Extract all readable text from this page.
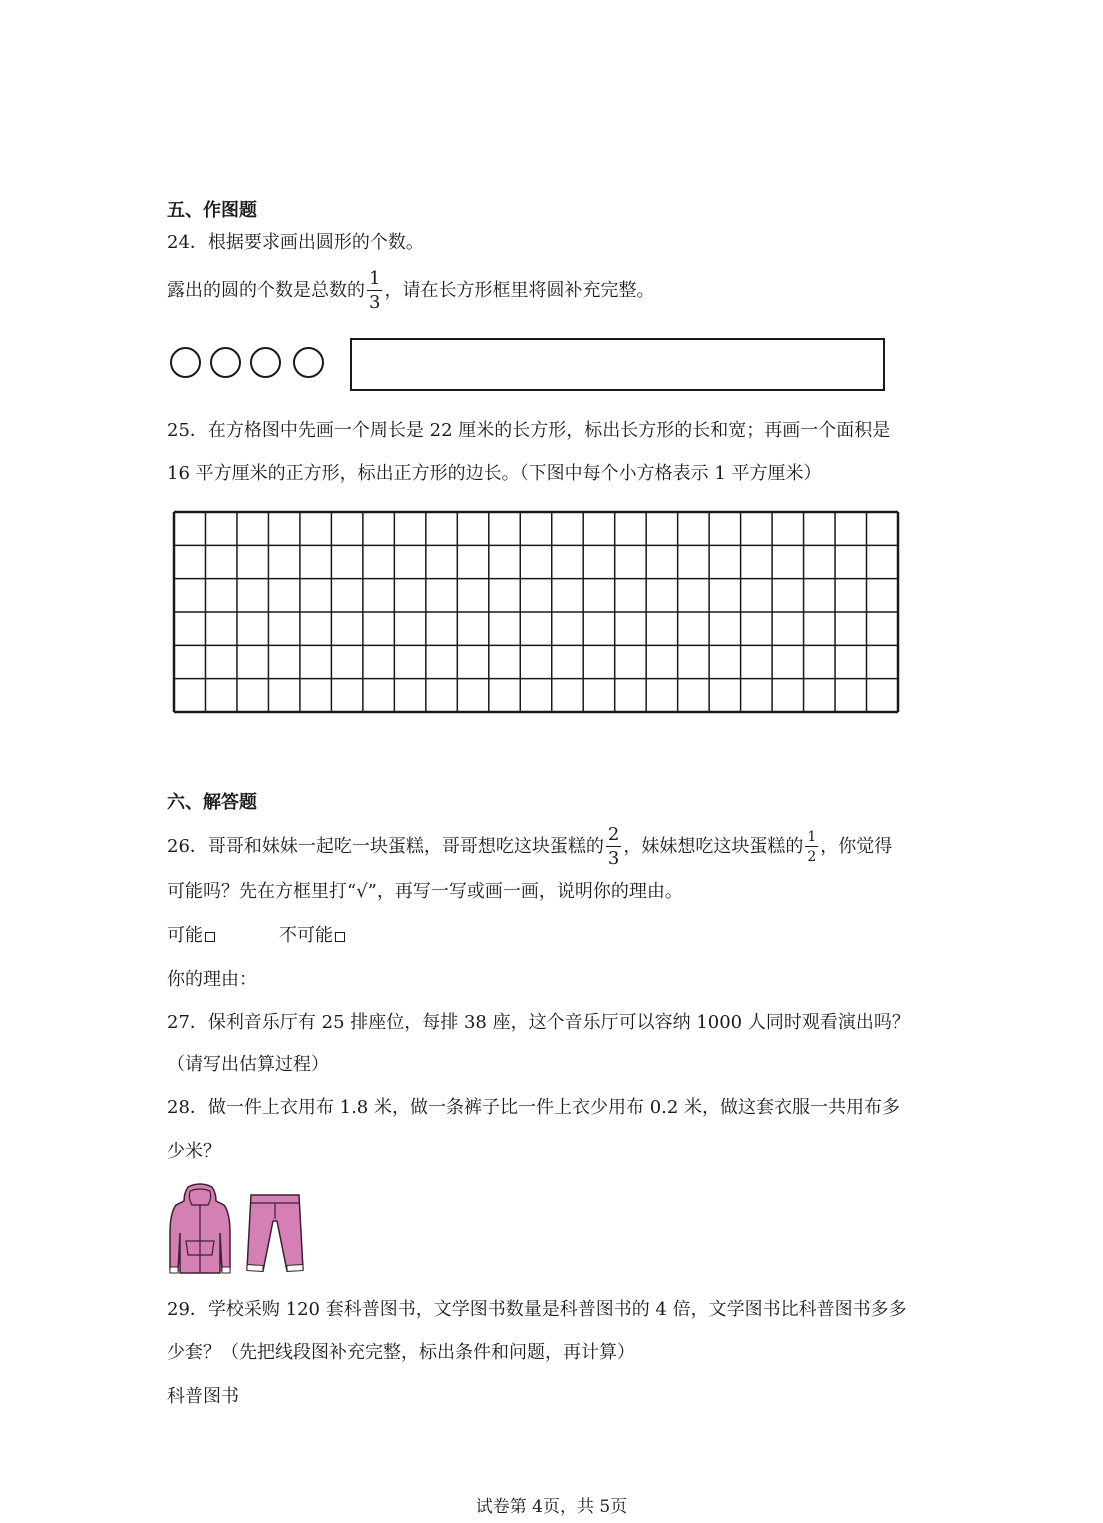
五、作图题
24．根据要求画出圆形的个数。
露出的圆的个数是总数的 $\frac{1}{3}$ ，请在长方形框里将圆补充完整。
25．在方格图中先画一个周长是 22 厘米的长方形，标出长方形的长和宽；再画一个面积是
16 平方厘米的正方形，标出正方形的边长。（下图中每个小方格表示 1 平方厘米）
六、解答题
26．哥哥和妹妹一起吃一块蛋糕，哥哥想吃这块蛋糕的 $\frac{2}{3}$ ，妹妹想吃这块蛋糕的 $\frac{1}{2}$ ，你觉得
可能吗？先在方框里打“√”，再写一写或画一画，说明你的理由。
可能	不可能
你的理由：
27．保利音乐厅有 25 排座位，每排 38 座，这个音乐厅可以容纳 1000 人同时观看演出吗？
（请写出估算过程）
28．做一件上衣用布 1.8 米，做一条裤子比一件上衣少用布 0.2 米，做这套衣服一共用布多
少米？
29．学校采购 120 套科普图书，文学图书数量是科普图书的 4 倍，文学图书比科普图书多多
少套？（先把线段图补充完整，标出条件和问题，再计算）
科普图书
试卷第 4页，共 5页
